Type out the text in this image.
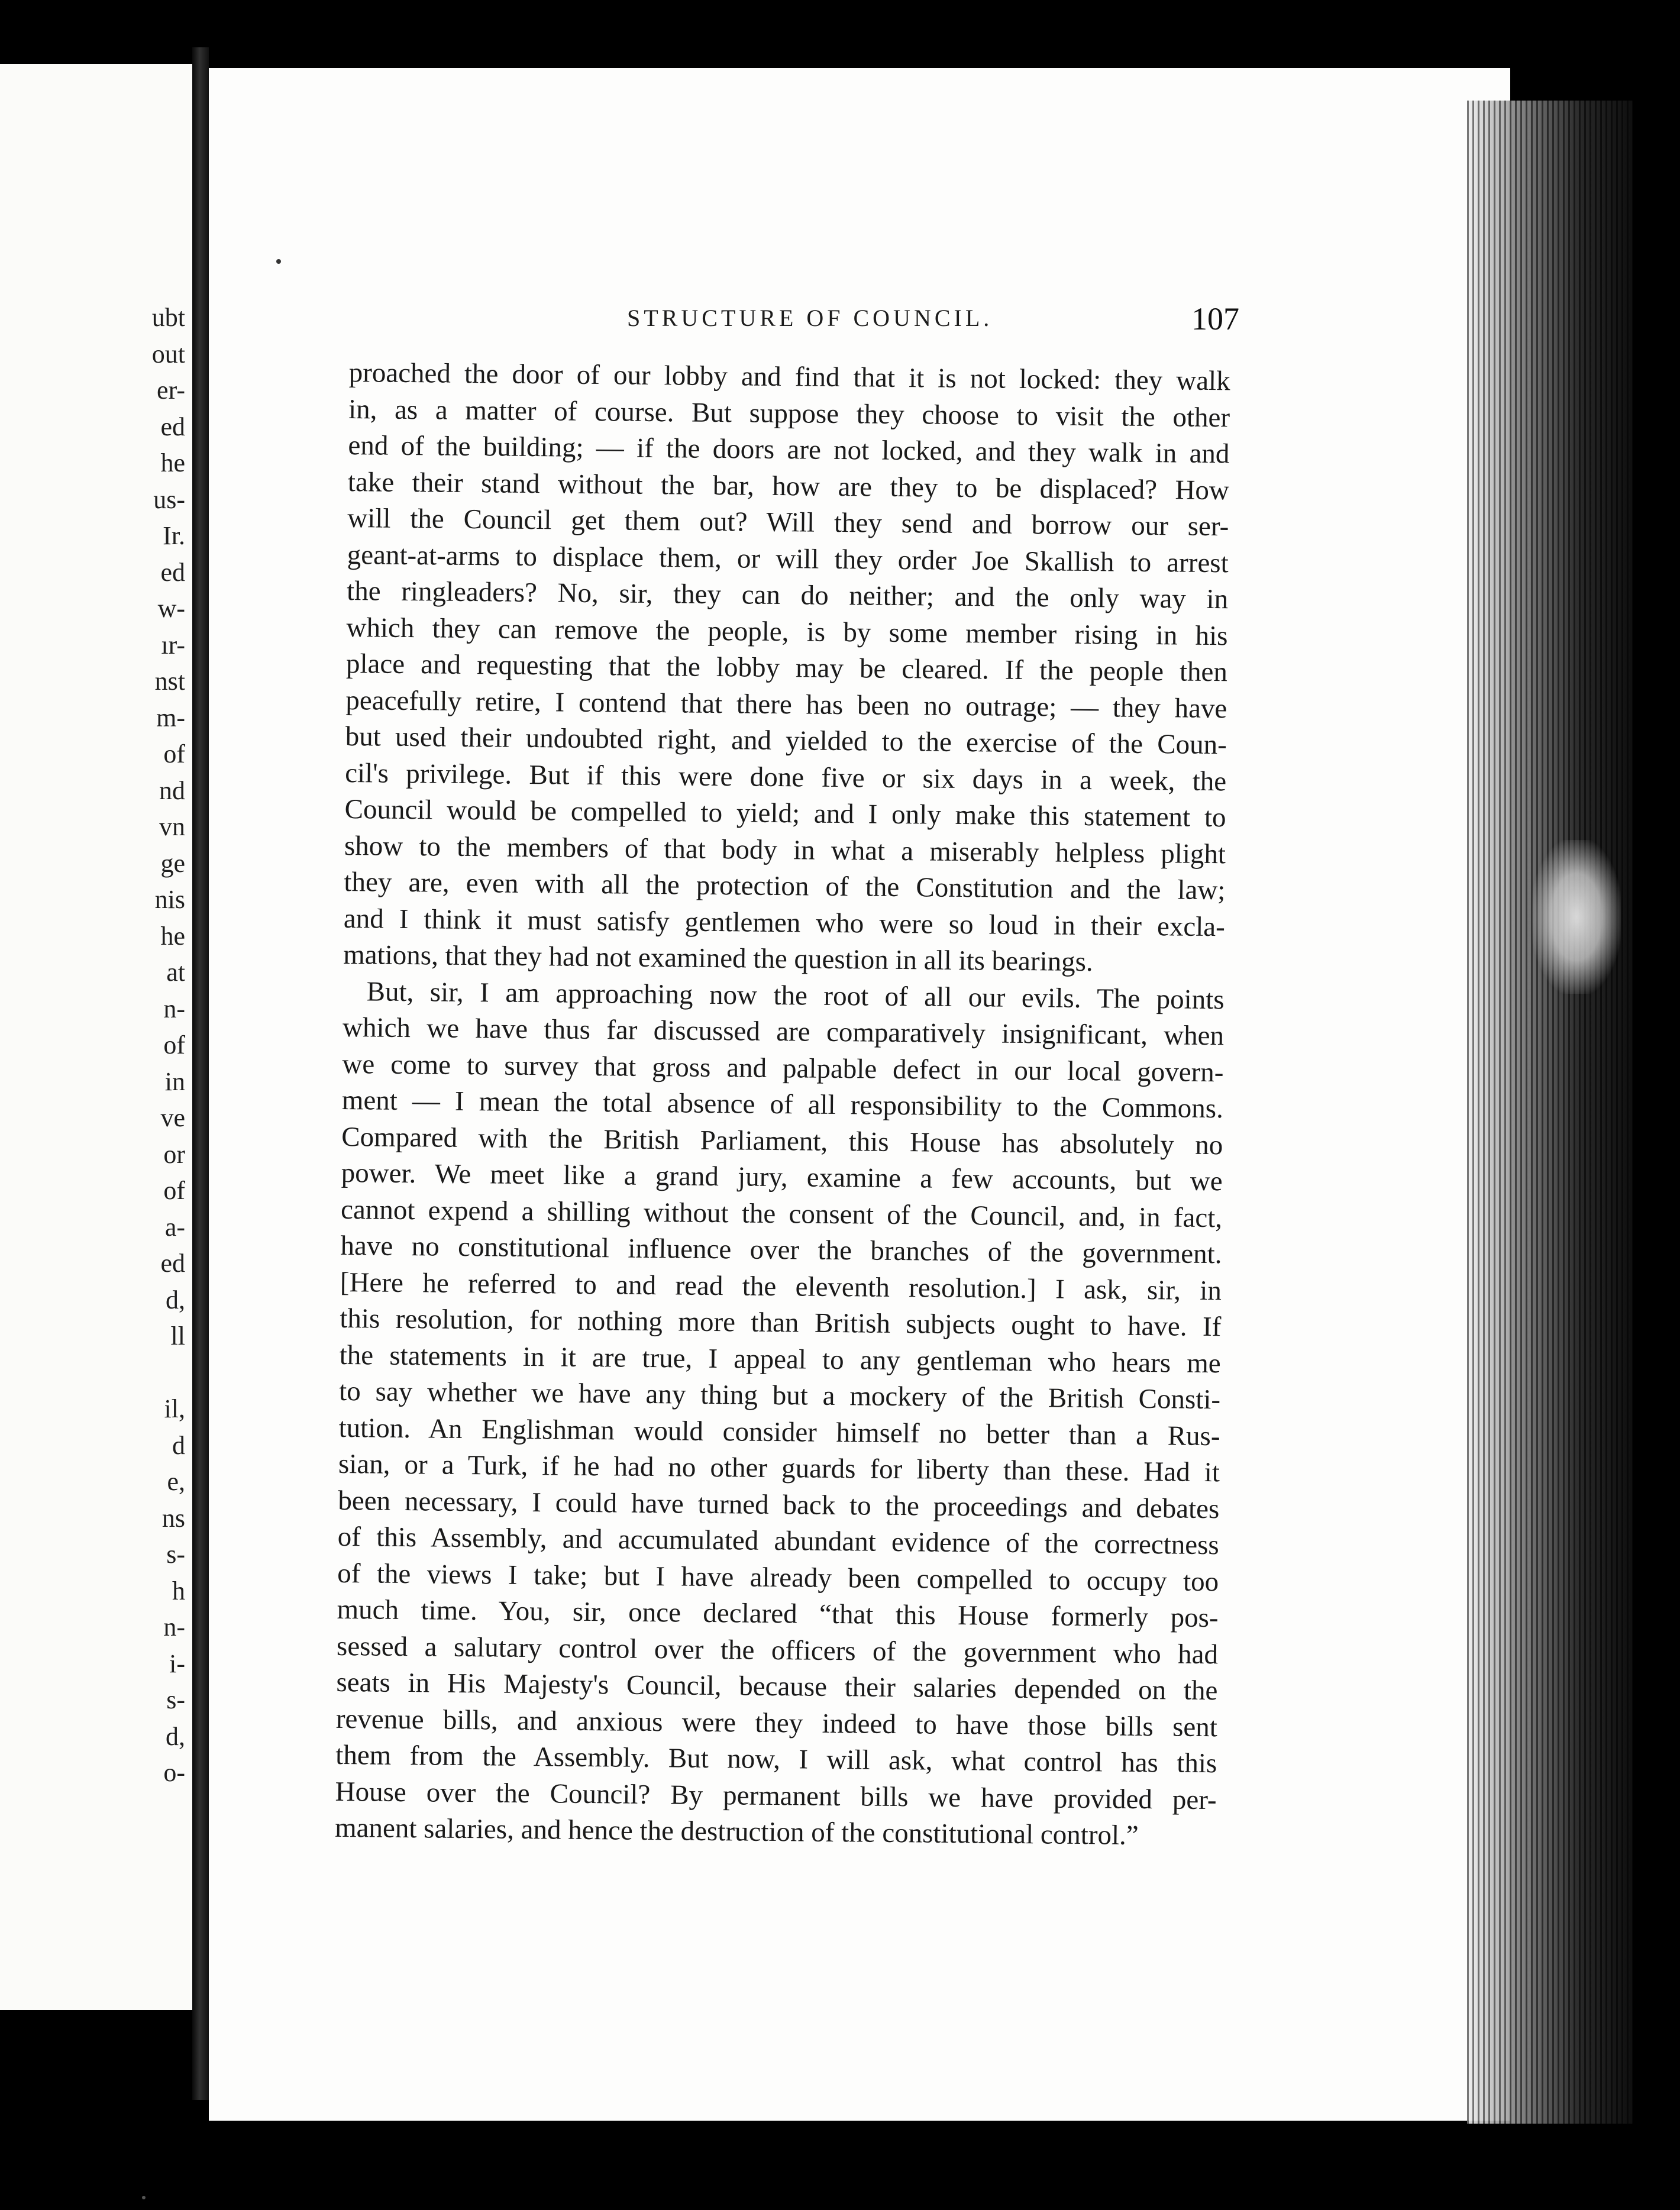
ubt
out
er-
ed
he
us-
Ir.
ed
w-
ır-
nst
m-
of
nd
vn
ge
nis
he
at
n-
of
in
ve
or
of
a-
ed
d,
ll
il,
d
e,
ns
s-
h
n-
i-
s-
d,
o-
STRUCTURE OF COUNCIL.	107
proached the door of our lobby and find that it is not locked: they walk
in, as a matter of course. But suppose they choose to visit the other
end of the building; — if the doors are not locked, and they walk in and
take their stand without the bar, how are they to be displaced? How
will the Council get them out? Will they send and borrow our ser-
geant-at-arms to displace them, or will they order Joe Skallish to arrest
the ringleaders? No, sir, they can do neither; and the only way in
which they can remove the people, is by some member rising in his
place and requesting that the lobby may be cleared. If the people then
peacefully retire, I contend that there has been no outrage; — they have
but used their undoubted right, and yielded to the exercise of the Coun-
cil's privilege. But if this were done five or six days in a week, the
Council would be compelled to yield; and I only make this statement to
show to the members of that body in what a miserably helpless plight
they are, even with all the protection of the Constitution and the law;
and I think it must satisfy gentlemen who were so loud in their excla-
mations, that they had not examined the question in all its bearings.
But, sir, I am approaching now the root of all our evils. The points
which we have thus far discussed are comparatively insignificant, when
we come to survey that gross and palpable defect in our local govern-
ment — I mean the total absence of all responsibility to the Commons.
Compared with the British Parliament, this House has absolutely no
power. We meet like a grand jury, examine a few accounts, but we
cannot expend a shilling without the consent of the Council, and, in fact,
have no constitutional influence over the branches of the government.
[Here he referred to and read the eleventh resolution.] I ask, sir, in
this resolution, for nothing more than British subjects ought to have. If
the statements in it are true, I appeal to any gentleman who hears me
to say whether we have any thing but a mockery of the British Consti-
tution. An Englishman would consider himself no better than a Rus-
sian, or a Turk, if he had no other guards for liberty than these. Had it
been necessary, I could have turned back to the proceedings and debates
of this Assembly, and accumulated abundant evidence of the correctness
of the views I take; but I have already been compelled to occupy too
much time. You, sir, once declared “that this House formerly pos-
sessed a salutary control over the officers of the government who had
seats in His Majesty's Council, because their salaries depended on the
revenue bills, and anxious were they indeed to have those bills sent
them from the Assembly. But now, I will ask, what control has this
House over the Council? By permanent bills we have provided per-
manent salaries, and hence the destruction of the constitutional control.”
